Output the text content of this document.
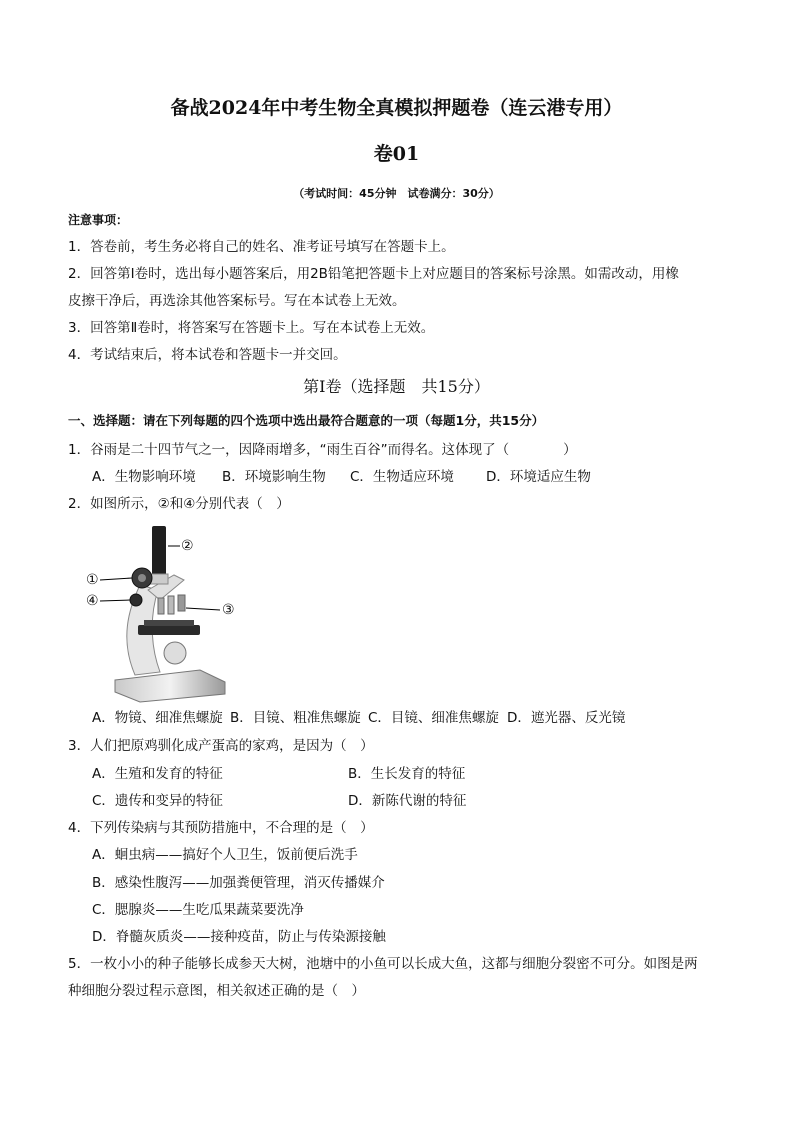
备战2024年中考生物全真模拟押题卷（连云港专用）
卷01
（考试时间：45分钟　试卷满分：30分）
注意事项：
1．答卷前，考生务必将自己的姓名、准考证号填写在答题卡上。
2．回答第Ⅰ卷时，选出每小题答案后，用2B铅笔把答题卡上对应题目的答案标号涂黑。如需改动，用橡
皮擦干净后，再选涂其他答案标号。写在本试卷上无效。
3．回答第Ⅱ卷时，将答案写在答题卡上。写在本试卷上无效。
4．考试结束后，将本试卷和答题卡一并交回。
第Ⅰ卷（选择题　共15分）
一、选择题：请在下列每题的四个选项中选出最符合题意的一项（每题1分，共15分）
1．谷雨是二十四节气之一，因降雨增多，“雨生百谷”而得名。这体现了（　　　　）
A．生物影响环境 B．环境影响生物 C．生物适应环境 D．环境适应生物
2．如图所示，②和④分别代表（　）
②
①
④
③
A．物镜、细准焦螺旋 B．目镜、粗准焦螺旋 C．目镜、细准焦螺旋 D．遮光器、反光镜
3．人们把原鸡驯化成产蛋高的家鸡，是因为（　）
A．生殖和发育的特征	B．生长发育的特征
C．遗传和变异的特征	D．新陈代谢的特征
4．下列传染病与其预防措施中，不合理的是（　）
A．蛔虫病——搞好个人卫生，饭前便后洗手
B．感染性腹泻——加强粪便管理，消灭传播媒介
C．腮腺炎——生吃瓜果蔬菜要洗净
D．脊髓灰质炎——接种疫苗，防止与传染源接触
5．一枚小小的种子能够长成参天大树，池塘中的小鱼可以长成大鱼，这都与细胞分裂密不可分。如图是两
种细胞分裂过程示意图，相关叙述正确的是（　）
